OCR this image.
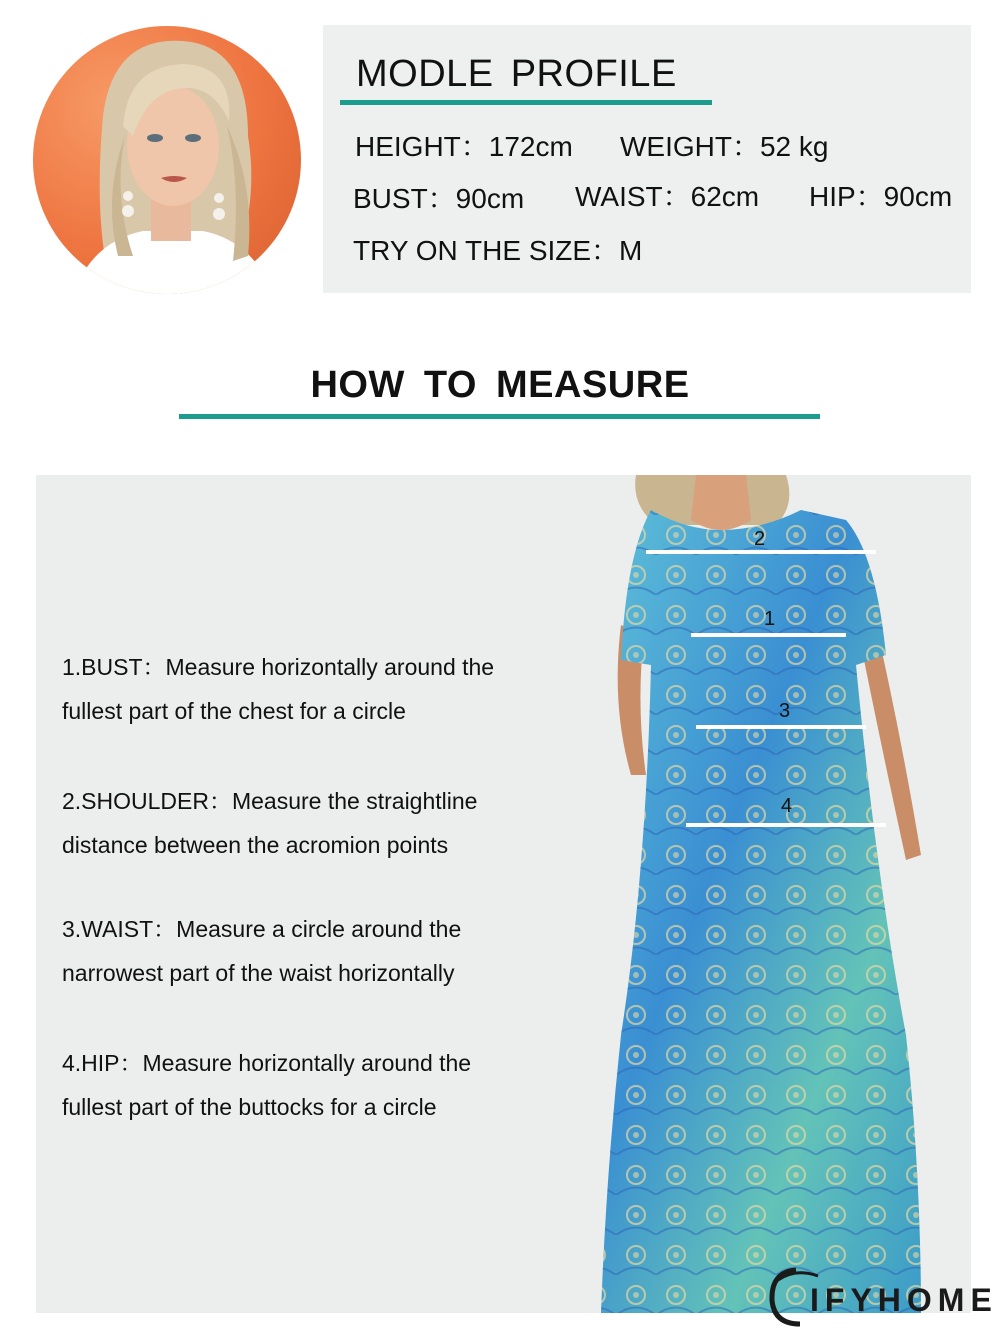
MODLE PROFILE
HEIGHT：172cm WEIGHT：52 kg
BUST：90cm WAIST：62cm HIP：90cm
TRY ON THE SIZE：M
HOW TO MEASURE
1.BUST：Measure horizontally around the
fullest part of the chest for a circle
2.SHOULDER：Measure the straightline
distance between the acromion points
3.WAIST：Measure a circle around the
narrowest part of the waist horizontally
4.HIP：Measure horizontally around the
fullest part of the buttocks for a circle
2
1
3
4
IFYHOME
